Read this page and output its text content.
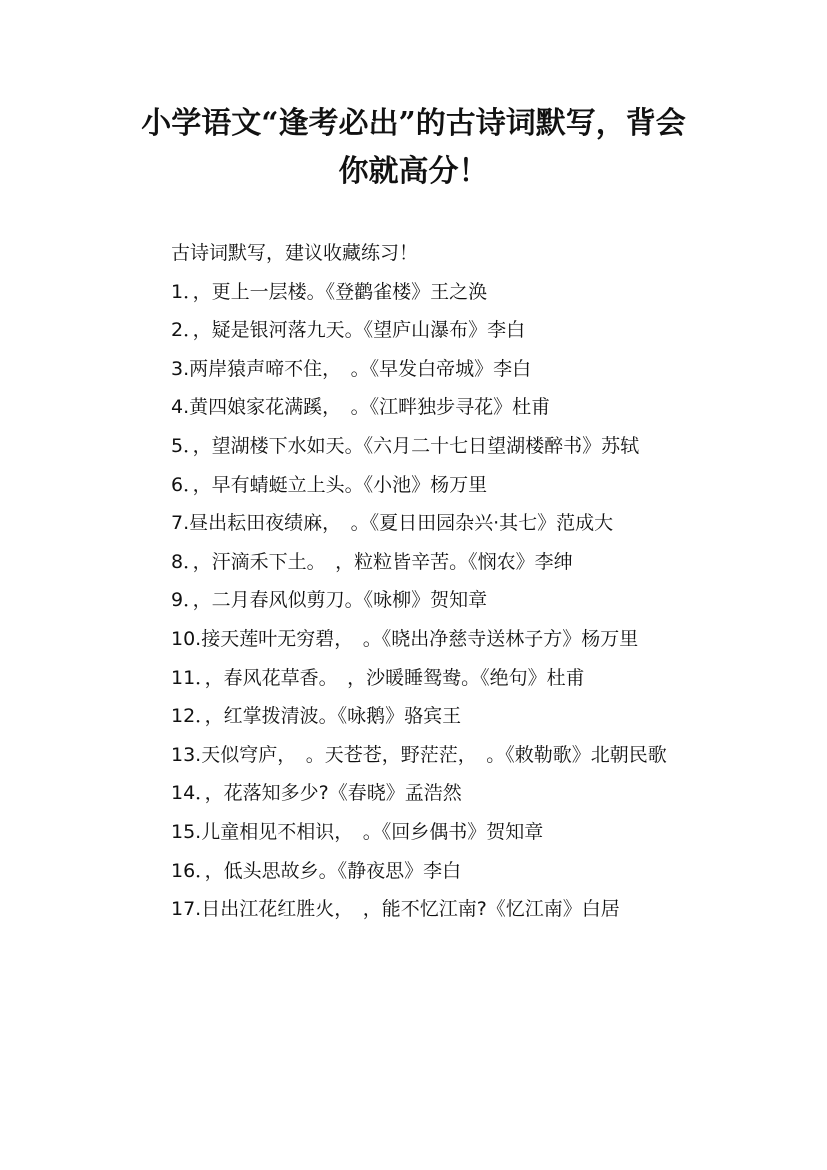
小学语文“逢考必出”的古诗词默写，背会
你就高分！

古诗词默写，建议收藏练习！

1．，更上一层楼。《登鹳雀楼》王之涣

2．，疑是银河落九天。《望庐山瀑布》李白

3.两岸猿声啼不住，　。《早发白帝城》李白

4.黄四娘家花满蹊，　。《江畔独步寻花》杜甫

5．，望湖楼下水如天。《六月二十七日望湖楼醉书》苏轼

6．，早有蜻蜓立上头。《小池》杨万里

7.昼出耘田夜绩麻，　。《夏日田园杂兴·其七》范成大

8．，汗滴禾下土。　，粒粒皆辛苦。《悯农》李绅

9．，二月春风似剪刀。《咏柳》贺知章

10.接天莲叶无穷碧，　。《晓出净慈寺送林子方》杨万里

11．，春风花草香。　，沙暖睡鸳鸯。《绝句》杜甫

12．，红掌拨清波。《咏鹅》骆宾王

13.天似穹庐，　。天苍苍，野茫茫，　。《敕勒歌》北朝民歌

14．，花落知多少?《春晓》孟浩然

15.儿童相见不相识，　。《回乡偶书》贺知章

16．，低头思故乡。《静夜思》李白

17.日出江花红胜火，　，能不忆江南?《忆江南》白居
